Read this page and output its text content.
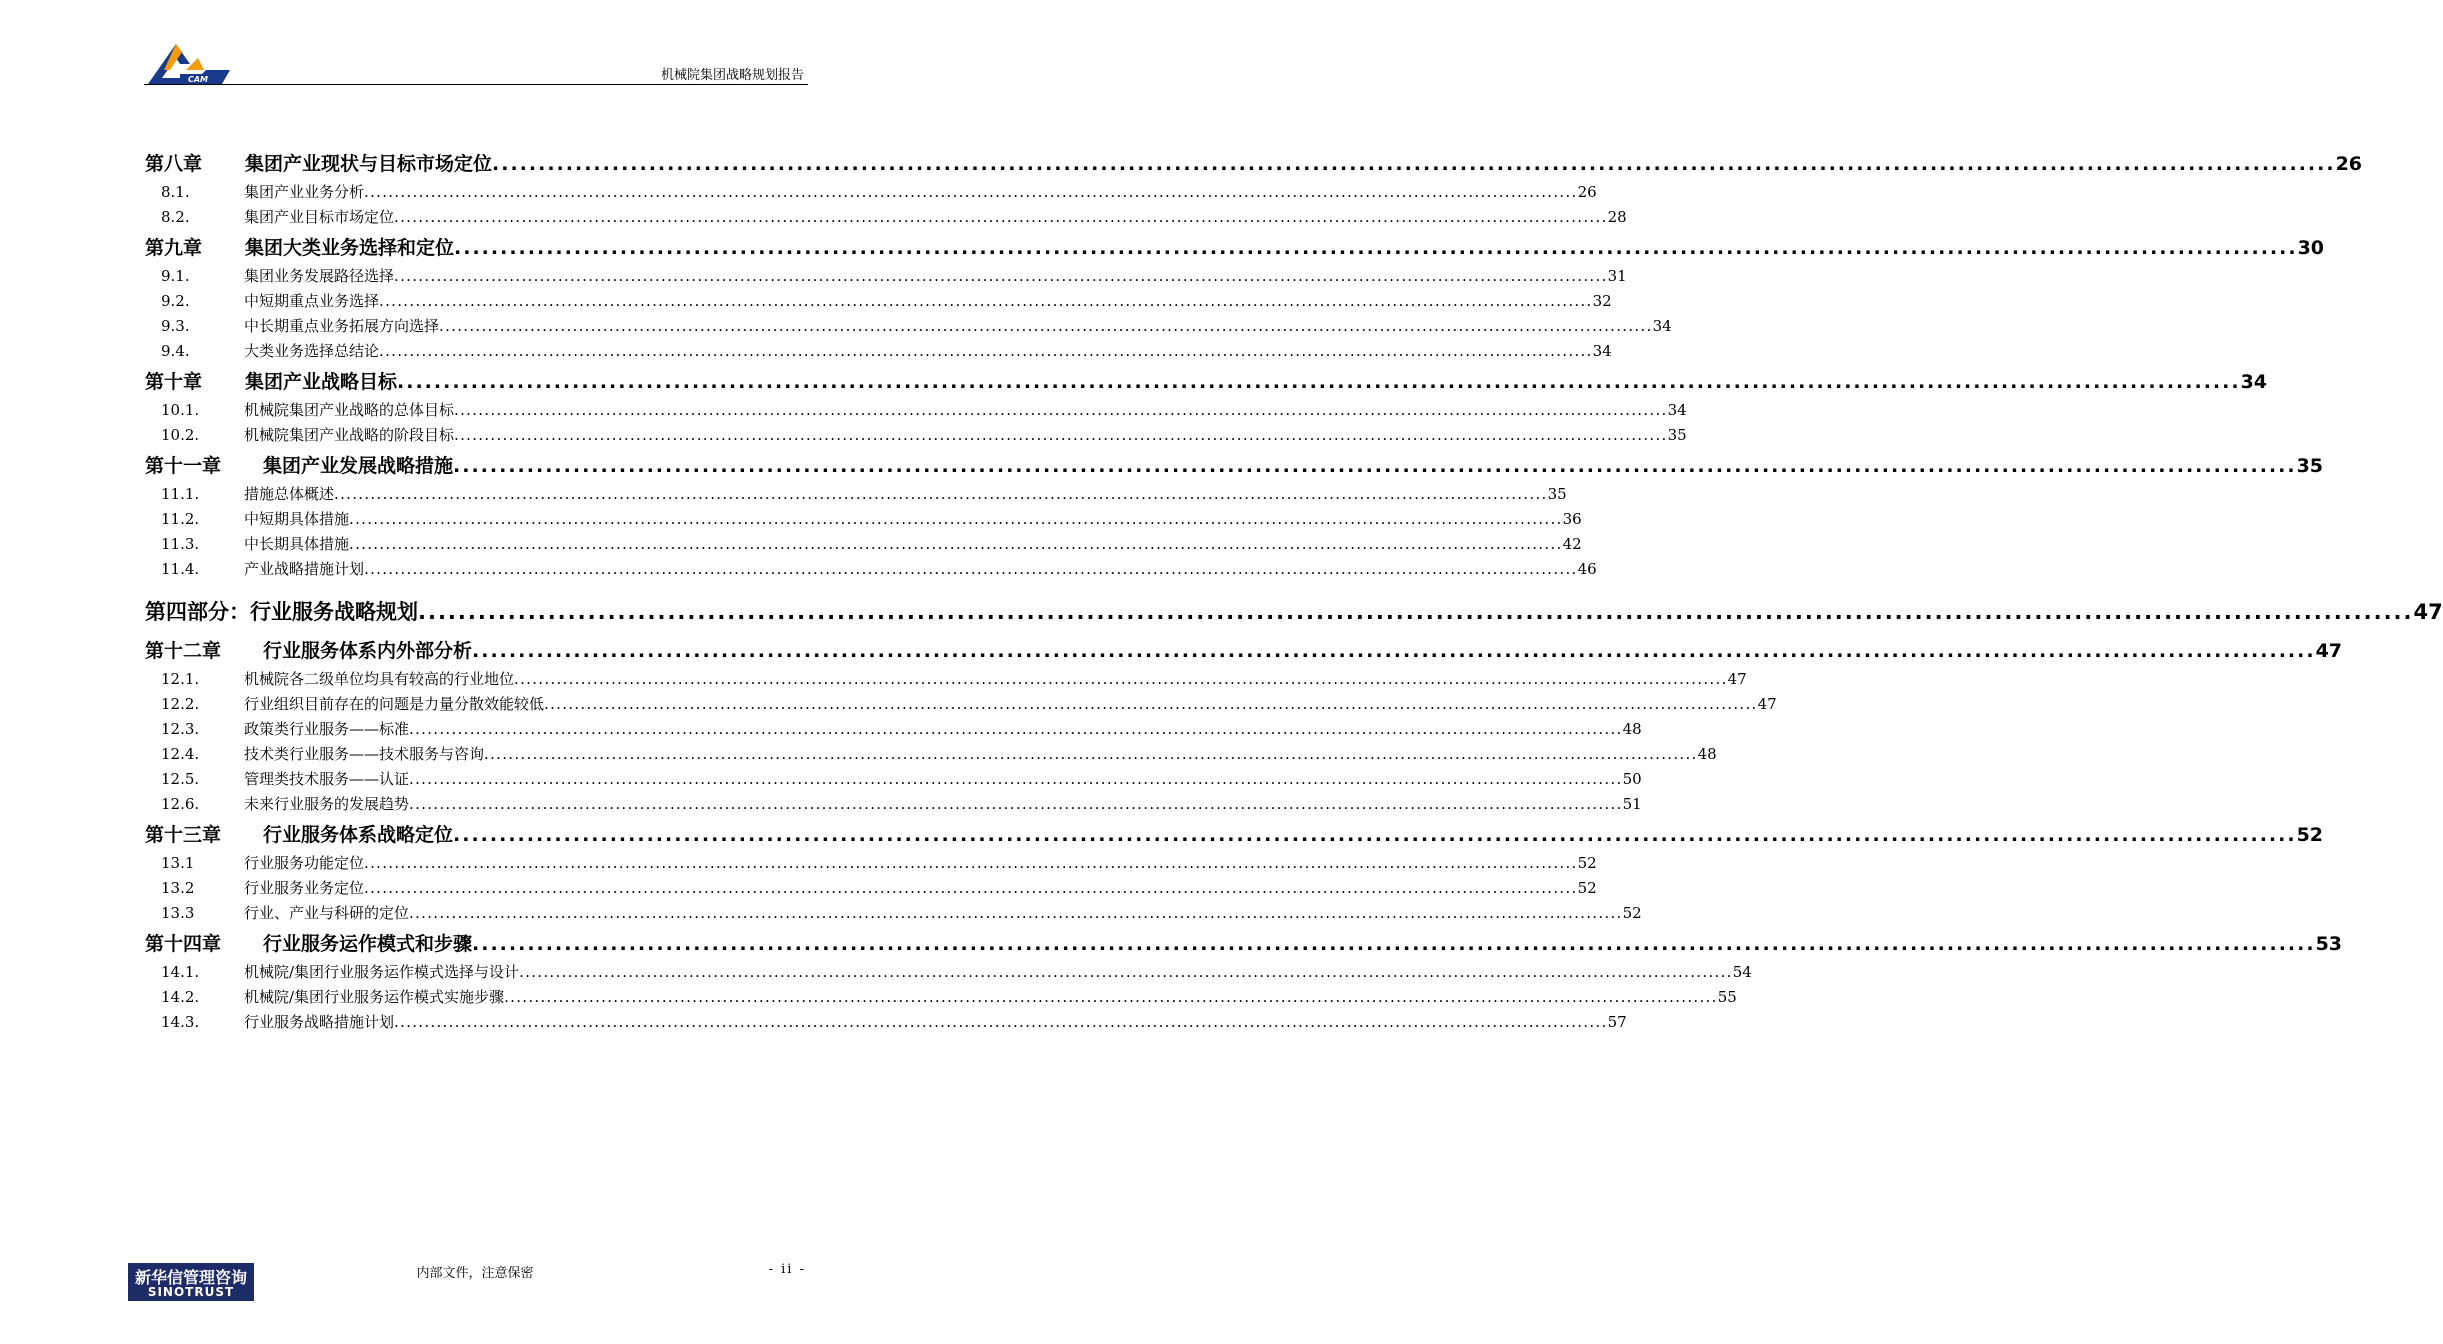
CAM	机械院集团战略规划报告
第八章	集团产业现状与目标市场定位 ........................................................................................................................................................................................................ 26
8.1.	集团产业业务分析 ........................................................................................................................................................................................................ 26
8.2.	集团产业目标市场定位 ........................................................................................................................................................................................................ 28
第九章	集团大类业务选择和定位 ........................................................................................................................................................................................................ 30
9.1.	集团业务发展路径选择 ........................................................................................................................................................................................................ 31
9.2.	中短期重点业务选择 ........................................................................................................................................................................................................ 32
9.3.	中长期重点业务拓展方向选择 ........................................................................................................................................................................................................ 34
9.4.	大类业务选择总结论 ........................................................................................................................................................................................................ 34
第十章	集团产业战略目标 ........................................................................................................................................................................................................ 34
10.1.	机械院集团产业战略的总体目标 ........................................................................................................................................................................................................ 34
10.2.	机械院集团产业战略的阶段目标 ........................................................................................................................................................................................................ 35
第十一章	集团产业发展战略措施 ........................................................................................................................................................................................................ 35
11.1.	措施总体概述 ........................................................................................................................................................................................................ 35
11.2.	中短期具体措施 ........................................................................................................................................................................................................ 36
11.3.	中长期具体措施 ........................................................................................................................................................................................................ 42
11.4.	产业战略措施计划 ........................................................................................................................................................................................................ 46
第四部分：行业服务战略规划 ........................................................................................................................................................................................................ 47
第十二章	行业服务体系内外部分析 ........................................................................................................................................................................................................ 47
12.1.	机械院各二级单位均具有较高的行业地位 ........................................................................................................................................................................................................ 47
12.2.	行业组织目前存在的问题是力量分散效能较低 ........................................................................................................................................................................................................ 47
12.3.	政策类行业服务——标准 ........................................................................................................................................................................................................ 48
12.4.	技术类行业服务——技术服务与咨询 ........................................................................................................................................................................................................ 48
12.5.	管理类技术服务——认证 ........................................................................................................................................................................................................ 50
12.6.	未来行业服务的发展趋势 ........................................................................................................................................................................................................ 51
第十三章	行业服务体系战略定位 ........................................................................................................................................................................................................ 52
13.1	行业服务功能定位 ........................................................................................................................................................................................................ 52
13.2	行业服务业务定位 ........................................................................................................................................................................................................ 52
13.3	行业、产业与科研的定位 ........................................................................................................................................................................................................ 52
第十四章	行业服务运作模式和步骤 ........................................................................................................................................................................................................ 53
14.1.	机械院/集团行业服务运作模式选择与设计 ........................................................................................................................................................................................................ 54
14.2.	机械院/集团行业服务运作模式实施步骤 ........................................................................................................................................................................................................ 55
14.3.	行业服务战略措施计划 ........................................................................................................................................................................................................ 57
新华信管理咨询
SINOTRUST
内部文件，注意保密	- ii -
